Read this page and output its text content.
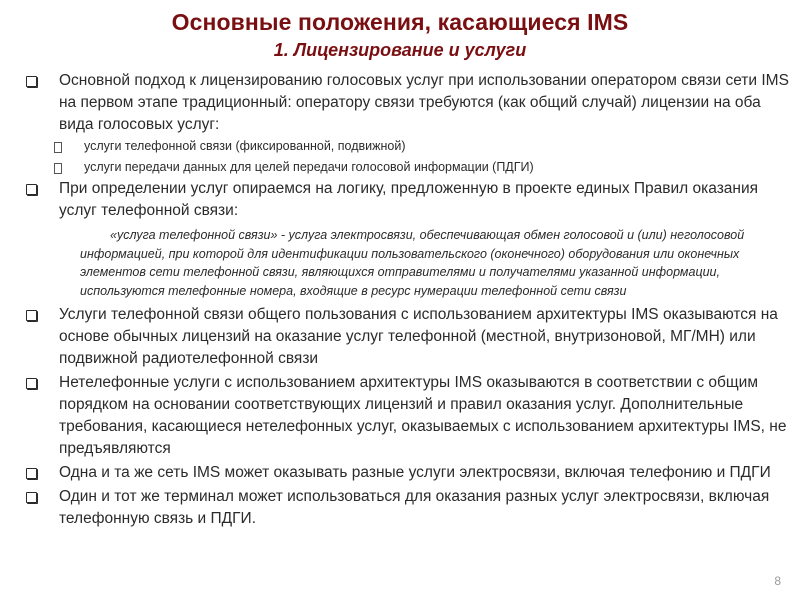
Основные положения, касающиеся IMS
1. Лицензирование и услуги
Основной подход к лицензированию голосовых услуг при использовании оператором связи сети IMS на первом этапе традиционный: оператору связи требуются (как общий случай) лицензии на оба вида голосовых услуг:
услуги телефонной связи (фиксированной, подвижной)
услуги передачи данных для целей передачи голосовой информации (ПДГИ)
При определении услуг опираемся на логику, предложенную в проекте единых Правил оказания услуг телефонной связи:
«услуга телефонной связи» - услуга электросвязи, обеспечивающая обмен голосовой и (или) неголосовой информацией, при которой для идентификации пользовательского (оконечного) оборудования или оконечных элементов сети телефонной связи, являющихся отправителями и получателями указанной информации, используются телефонные номера, входящие в ресурс нумерации телефонной сети связи
Услуги телефонной связи общего пользования с использованием архитектуры IMS оказываются на основе обычных лицензий на оказание услуг телефонной (местной, внутризоновой, МГ/МН) или подвижной радиотелефонной связи
Нетелефонные услуги с использованием архитектуры IMS оказываются в соответствии с общим порядком на основании соответствующих лицензий и правил оказания услуг. Дополнительные требования, касающиеся нетелефонных услуг, оказываемых с использованием архитектуры IMS, не предъявляются
Одна и та же сеть IMS может оказывать разные услуги электросвязи, включая телефонию и ПДГИ
Один и тот же терминал может использоваться для оказания разных услуг электросвязи, включая телефонную связь и ПДГИ.
8
